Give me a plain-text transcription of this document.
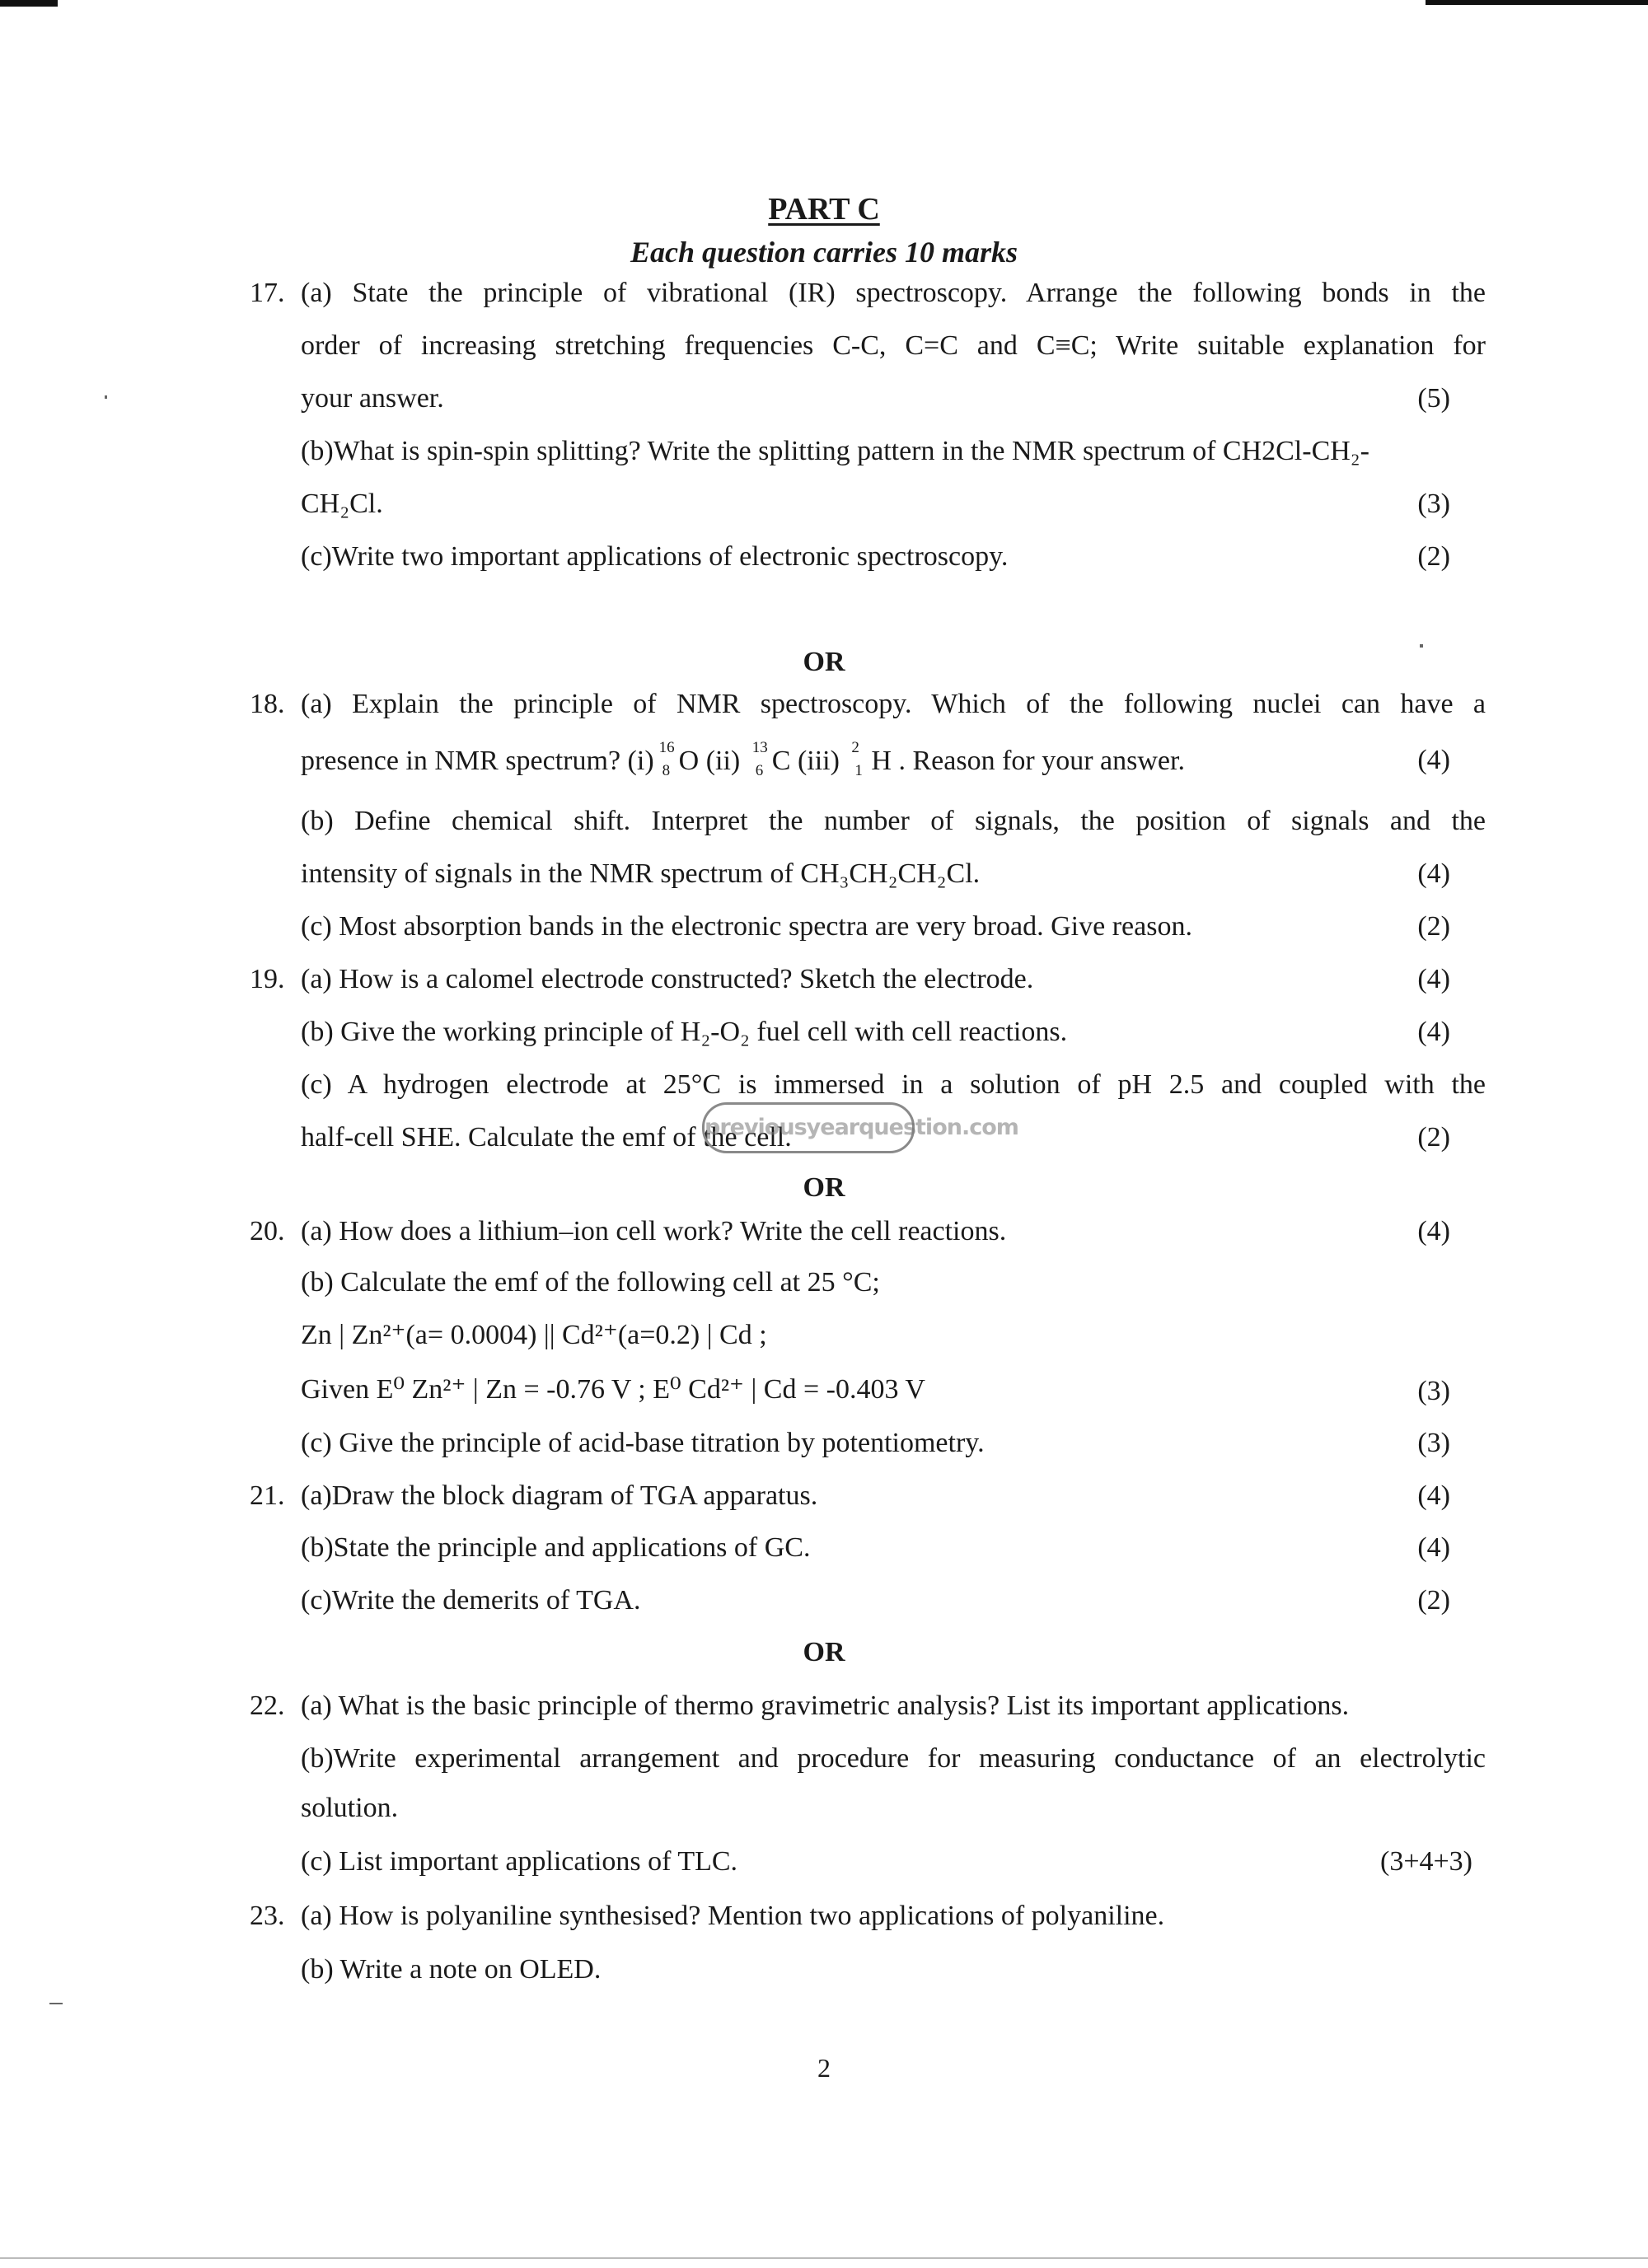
PART C
Each question carries 10 marks
17. (a) State the principle of vibrational (IR) spectroscopy. Arrange the following bonds in the
order of increasing stretching frequencies C-C, C=C and C≡C; Write suitable explanation for
your answer.	(5)
(b)What is spin-spin splitting? Write the splitting pattern in the NMR spectrum of CH2Cl-CH₂-
CH₂Cl.	(3)
(c)Write two important applications of electronic spectroscopy.	(2)
OR
18. (a) Explain the principle of NMR spectroscopy. Which of the following nuclei can have a
presence in NMR spectrum? (i) 16
8 O (ii) 13
6 C (iii) 2
1 H . Reason for your answer.	(4)
(b) Define chemical shift. Interpret the number of signals, the position of signals and the
intensity of signals in the NMR spectrum of CH₃CH₂CH₂Cl.	(4)
(c) Most absorption bands in the electronic spectra are very broad. Give reason.	(2)
19. (a) How is a calomel electrode constructed? Sketch the electrode.	(4)
(b) Give the working principle of H₂-O₂ fuel cell with cell reactions.	(4)
(c) A hydrogen electrode at 25°C is immersed in a solution of pH 2.5 and coupled with the
half-cell SHE. Calculate the emf of the cell.	(2)
previousyearquestion.com
OR
20. (a) How does a lithium–ion cell work? Write the cell reactions.	(4)
(b) Calculate the emf of the following cell at 25 °C;
Zn | Zn²⁺(a= 0.0004) || Cd²⁺(a=0.2) | Cd ;
Given E⁰ Zn²⁺ | Zn = -0.76 V ; E⁰ Cd²⁺ | Cd = -0.403 V	(3)
(c) Give the principle of acid-base titration by potentiometry.	(3)
21. (a)Draw the block diagram of TGA apparatus.	(4)
(b)State the principle and applications of GC.	(4)
(c)Write the demerits of TGA.	(2)
OR
22. (a) What is the basic principle of thermo gravimetric analysis? List its important applications.
(b)Write experimental arrangement and procedure for measuring conductance of an electrolytic
solution.
(c) List important applications of TLC.	(3+4+3)
23. (a) How is polyaniline synthesised? Mention two applications of polyaniline.
(b) Write a note on OLED.
2
